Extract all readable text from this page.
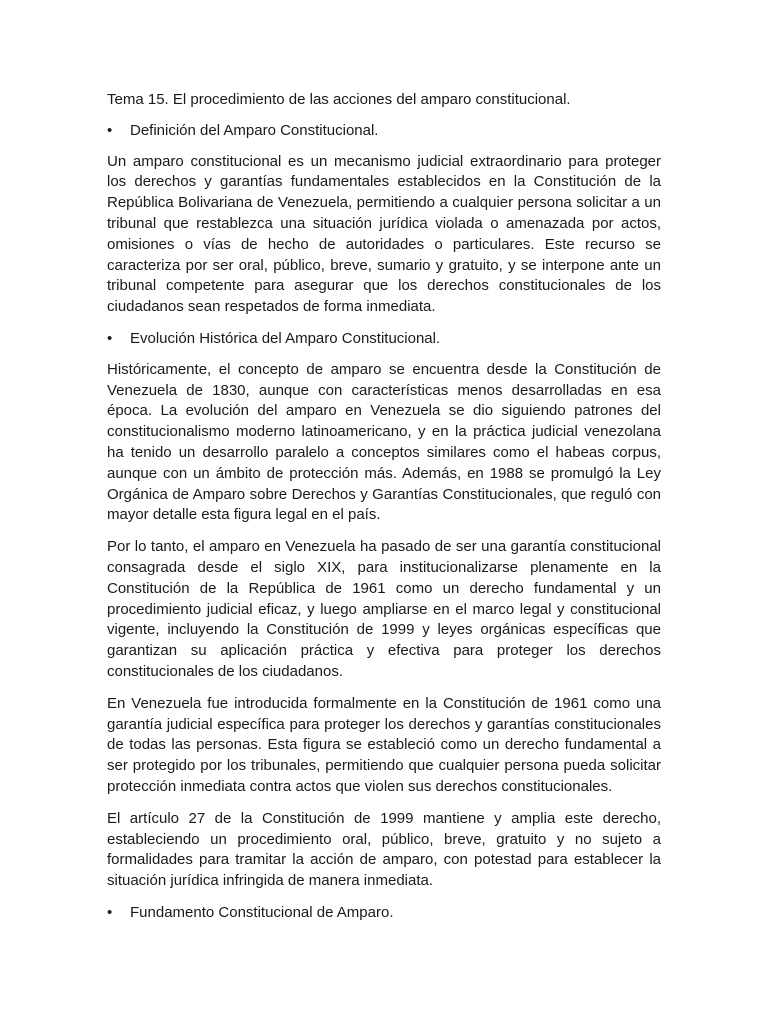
Tema 15. El procedimiento de las acciones del amparo constitucional.
•	Definición del Amparo Constitucional.

Un amparo constitucional es un mecanismo judicial extraordinario para proteger los derechos y garantías fundamentales establecidos en la Constitución de la República Bolivariana de Venezuela, permitiendo a cualquier persona solicitar a un tribunal que restablezca una situación jurídica violada o amenazada por actos, omisiones o vías de hecho de autoridades o particulares. Este recurso se caracteriza por ser oral, público, breve, sumario y gratuito, y se interpone ante un tribunal competente para asegurar que los derechos constitucionales de los ciudadanos sean respetados de forma inmediata.

•	Evolución Histórica del Amparo Constitucional.

Históricamente, el concepto de amparo se encuentra desde la Constitución de Venezuela de 1830, aunque con características menos desarrolladas en esa época. La evolución del amparo en Venezuela se dio siguiendo patrones del constitucionalismo moderno latinoamericano, y en la práctica judicial venezolana ha tenido un desarrollo paralelo a conceptos similares como el habeas corpus, aunque con un ámbito de protección más. Además, en 1988 se promulgó la Ley Orgánica de Amparo sobre Derechos y Garantías Constitucionales, que reguló con mayor detalle esta figura legal en el país.

Por lo tanto, el amparo en Venezuela ha pasado de ser una garantía constitucional consagrada desde el siglo XIX, para institucionalizarse plenamente en la Constitución de la República de 1961 como un derecho fundamental y un procedimiento judicial eficaz, y luego ampliarse en el marco legal y constitucional vigente, incluyendo la Constitución de 1999 y leyes orgánicas específicas que garantizan su aplicación práctica y efectiva para proteger los derechos constitucionales de los ciudadanos.

En Venezuela fue introducida formalmente en la Constitución de 1961 como una garantía judicial específica para proteger los derechos y garantías constitucionales de todas las personas. Esta figura se estableció como un derecho fundamental a ser protegido por los tribunales, permitiendo que cualquier persona pueda solicitar protección inmediata contra actos que violen sus derechos constitucionales.

El artículo 27 de la Constitución de 1999 mantiene y amplia este derecho, estableciendo un procedimiento oral, público, breve, gratuito y no sujeto a formalidades para tramitar la acción de amparo, con potestad para establecer la situación jurídica infringida de manera inmediata.

•	Fundamento Constitucional de Amparo.
